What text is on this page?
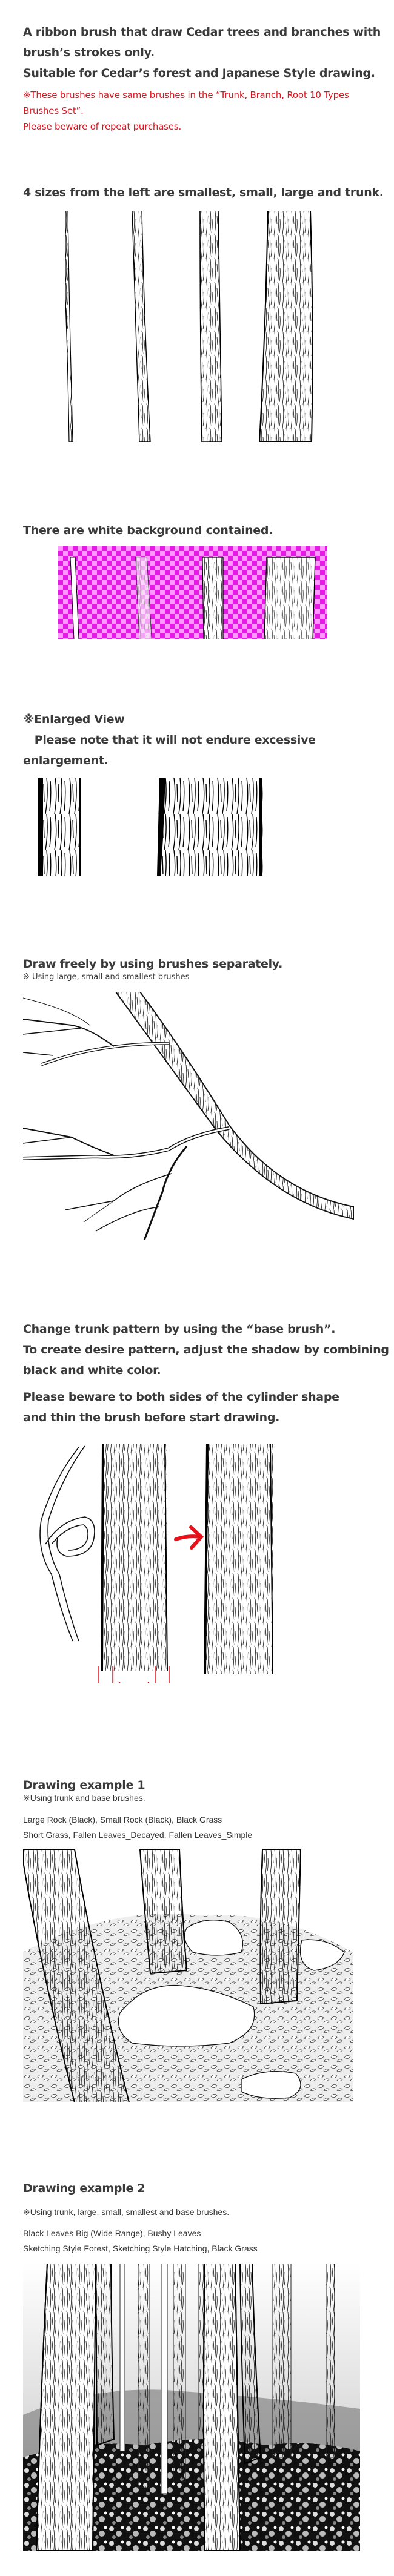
A ribbon brush that draw Cedar trees and branches with
brush’s strokes only.
Suitable for Cedar’s forest and Japanese Style drawing.
※These brushes have same brushes in the “Trunk, Branch, Root 10 Types
Brushes Set”.
Please beware of repeat purchases.
4 sizes from the left are smallest, small, large and trunk.
There are white background contained.
※Enlarged View
　Please note that it will not endure excessive
enlargement.
Draw freely by using brushes separately.
※ Using large, small and smallest brushes
Change trunk pattern by using the “base brush”.
To create desire pattern, adjust the shadow by combining
black and white color.
Please beware to both sides of the cylinder shape
and thin the brush before start drawing.
Drawing example 1
※Using trunk and base brushes.
Large Rock (Black), Small Rock (Black), Black Grass
Short Grass, Fallen Leaves_Decayed, Fallen Leaves_Simple
Drawing example 2
※Using trunk, large, small, smallest and base brushes.
Black Leaves Big (Wide Range), Bushy Leaves
Sketching Style Forest, Sketching Style Hatching, Black Grass
